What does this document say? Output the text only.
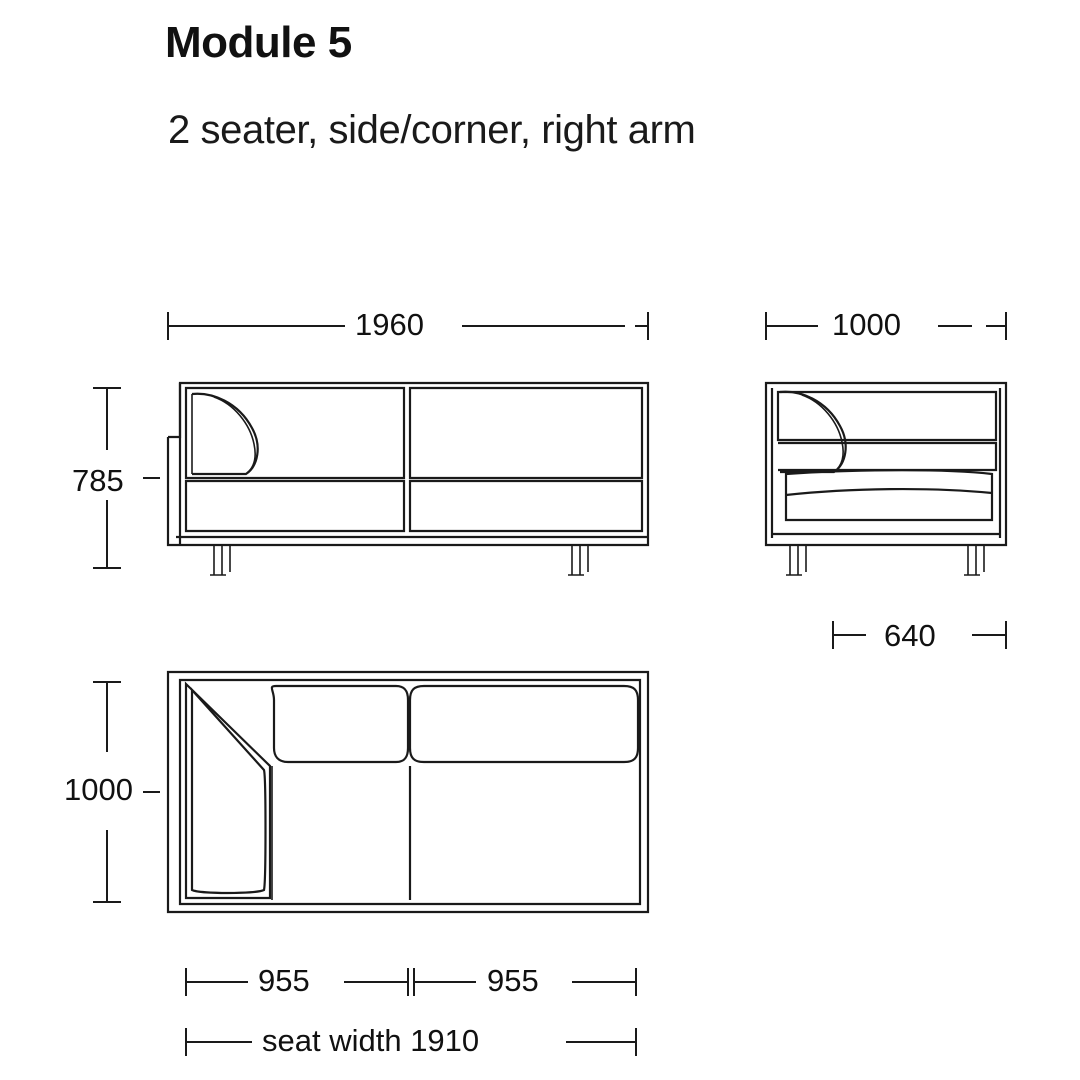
Module 5
2 seater, side/corner, right arm
1960
785
1000
640
1000
955	955
seat width 1910
